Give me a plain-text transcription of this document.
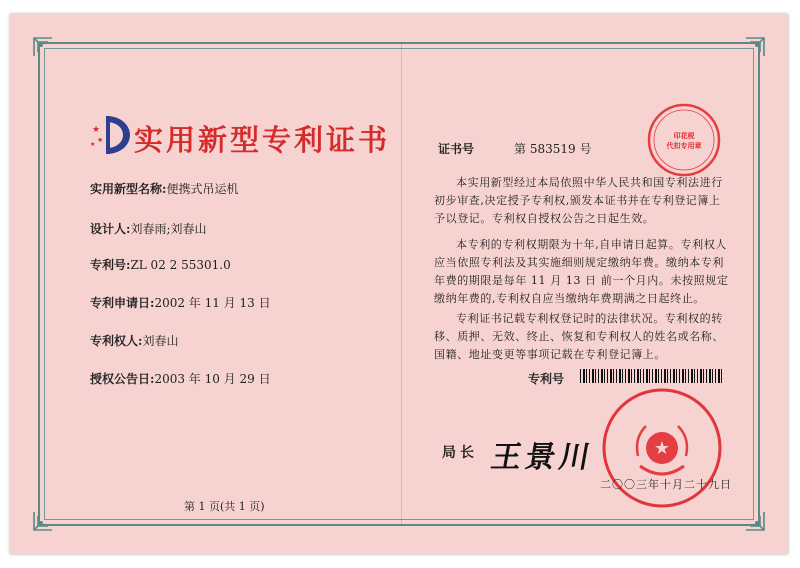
★
★
★ 实用新型专利证书
实用新型名称:便携式吊运机
设计人:刘春雨;刘春山
专利号:ZL 02 2 55301.0
专利申请日:2002 年 11 月 13 日
专利权人:刘春山
授权公告日:2003 年 10 月 29 日
第 1 页(共 1 页)
印花税
代扣专用章
证书号	第 583519 号
本实用新型经过本局依照中华人民共和国专利法进行初步审查,决定授予专利权,颁发本证书并在专利登记簿上予以登记。专利权自授权公告之日起生效。
本专利的专利权期限为十年,自申请日起算。专利权人应当依照专利法及其实施细则规定缴纳年费。缴纳本专利年费的期限是每年 11 月 13 日 前一个月内。未按照规定缴纳年费的,专利权自应当缴纳年费期满之日起终止。
专利证书记载专利权登记时的法律状况。专利权的转移、质押、无效、终止、恢复和专利权人的姓名或名称、国籍、地址变更等事项记载在专利登记簿上。
专利号
★
局长 王景川
二〇〇三年十月二十九日
